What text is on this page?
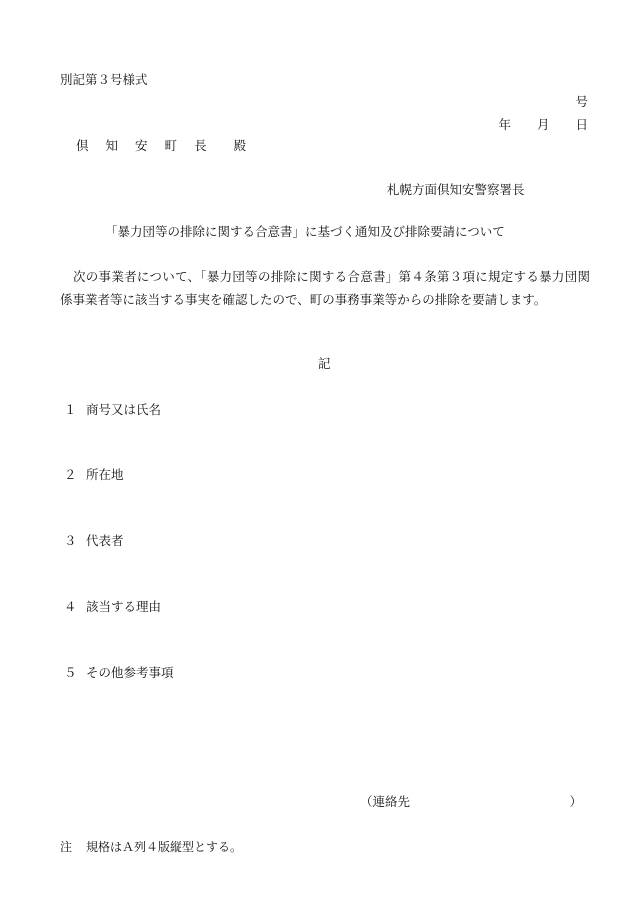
別記第３号様式
号
年 月 日
倶 知 安 町 長 殿
札幌方面倶知安警察署長
「暴力団等の排除に関する合意書」に基づく通知及び排除要請について
次の事業者について、「暴力団等の排除に関する合意書」第４条第３項に規定する暴力団関係事業者等に該当する事実を確認したので、町の事務事業等からの排除を要請します。
記
１ 商号又は氏名
２ 所在地
３ 代表者
４ 該当する理由
５ その他参考事項
（連絡先	）
注 規格はＡ列４版縦型とする。
